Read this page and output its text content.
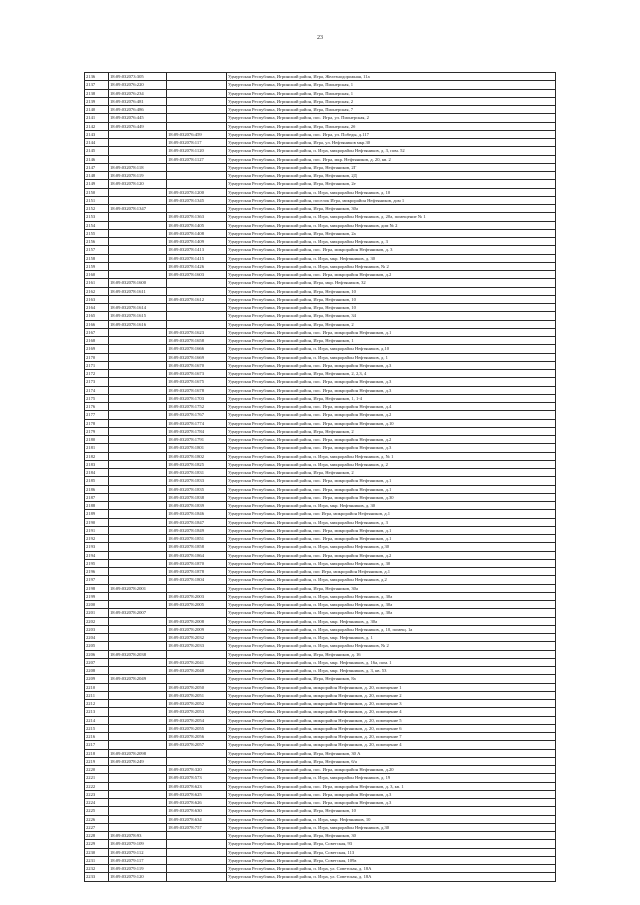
23
2136	18:09:032073:305		Удмуртская Республика, Игринский район, Игра, Железнодорожная, 11а
2137	18:09:032076:220		Удмуртская Республика, Игринский район, Игра, Пионерская, 1
2138	18:09:032076:234		Удмуртская Республика, Игринский район, Игра, Пионерская, 1
2139	18:09:032076:481		Удмуртская Республика, Игринский район, Игра, Пионерская, 2
2140	18:09:032076:486		Удмуртская Республика, Игринский район, Игра, Пионерская, 7
2141	18:09:032076:445		Удмуртская Республика, Игринский район, пос. Игра, ул. Пионерская, 2
2142	18:09:032076:449		Удмуртская Республика, Игринский район, Игра, Пионерская, 2б
2143		18:09:032076:459	Удмуртская Республика, Игринский район, пос. Игра, ул. Победы, д.117
2144		18:09:032078:117	Удмуртская Республика, Игринский район, Игра, ул. Нефтяников мкр.30
2145		18:09:032078:1120	Удмуртская Республика, Игринский район, п. Игра, микрорайон Нефтяников, д. 3, пом. 52
2146		18:09:032078:1127	Удмуртская Республика, Игринский район, пос. Игра, мкр. Нефтяников, д. 20, кв. 2
2147	18:09:032078:118		Удмуртская Республика, Игринский район, Игра, Нефтяников, 2Г
2148	18:09:032078:119		Удмуртская Республика, Игринский район, Игра, Нефтяников, 2Д
2149	18:09:032078:120		Удмуртская Республика, Игринский район, Игра, Нефтяников, 2е
2150		18:09:032078:1200	Удмуртская Республика, Игринский район, п. Игра, микрорайон Нефтяников, д. 10
2151		18:09:032078:1345	Удмуртская Республика, Игринский район, поселок Игра, микрорайон Нефтяников, дом 1
2152	18:09:032078:1347		Удмуртская Республика, Игринский район, Игра, Нефтяников, 30а
2153		18:09:032078:1363	Удмуртская Республика, Игринский район, п. Игра, микрорайон Нефтяников, д. 20а, помещение № 1
2154		18:09:032078:1405	Удмуртская Республика, Игринский район, п. Игра, микрорайон Нефтяников, дом № 2
2155		18:09:032078:1408	Удмуртская Республика, Игринский район, Игра, Нефтяников, 2а
2156		18:09:032078:1409	Удмуртская Республика, Игринский район, п. Игра, микрорайон Нефтяников, д. 3
2157		18:09:032078:1413	Удмуртская Республика, Игринский район, пос. Игра, микрорайон Нефтяников, д. 3
2158		18:09:032078:1415	Удмуртская Республика, Игринский район, п. Игра, мкр. Нефтяников, д. 30
2159		18:09:032078:1426	Удмуртская Республика, Игринский район, п. Игра, микрорайон Нефтяников, № 2
2160		18:09:032078:1603	Удмуртская Республика, Игринский район, пос. Игра, микрорайон Нефтяников, д.2
2161	18:09:032078:1600		Удмуртская Республика, Игринский район, Игра, мкр. Нефтяников, 32
2162	18:09:032078:1611		Удмуртская Республика, Игринский район, Игра, Нефтяников, 10
2163		18:09:032078:1612	Удмуртская Республика, Игринский район, Игра, Нефтяников, 10
2164	18:09:032078:1614		Удмуртская Республика, Игринский район, Игра, Нефтяников, 10
2165	18:09:032078:1615		Удмуртская Республика, Игринский район, Игра, Нефтяников, 34
2166	18:09:032078:1616		Удмуртская Республика, Игринский район, Игра, Нефтяников, 2
2167		18:09:032078:1623	Удмуртская Республика, Игринский район, пос. Игра, микрорайон Нефтяников, д.1
2168		18:09:032078:1658	Удмуртская Республика, Игринский район, Игра, Нефтяников, 1
2169		18:09:032078:1666	Удмуртская Республика, Игринский район, п. Игра, микрорайон Нефтяников, д.10
2170		18:09:032078:1669	Удмуртская Республика, Игринский район, п. Игра, микрорайон Нефтяников, д. 1
2171		18:09:032078:1670	Удмуртская Республика, Игринский район, пос. Игра, микрорайон Нефтяников, д.3
2172		18:09:032078:1673	Удмуртская Республика, Игринский район, Игра, Нефтяников, 2, 2,3, 4
2173		18:09:032078:1675	Удмуртская Республика, Игринский район, пос. Игра, микрорайон Нефтяников, д.3
2174		18:09:032078:1678	Удмуртская Республика, Игринский район, пос. Игра, микрорайон Нефтяников, д.3
2175		18:09:032078:1703	Удмуртская Республика, Игринский район, Игра, Нефтяников, 1, 1-4
2176		18:09:032078:1752	Удмуртская Республика, Игринский район, пос. Игра, микрорайон Нефтяников, д.4
2177		18:09:032078:1767	Удмуртская Республика, Игринский район, пос. Игра, микрорайон Нефтяников, д.2
2178		18:09:032078:1774	Удмуртская Республика, Игринский район, пос. Игра, микрорайон Нефтяников, д.10
2179		18:09:032078:1784	Удмуртская Республика, Игринский район, Игра, Нефтяников, 2
2180		18:09:032078:1791	Удмуртская Республика, Игринский район, пос. Игра, микрорайон Нефтяников, д.2
2181		18:09:032078:1801	Удмуртская Республика, Игринский район, пос. Игра, микрорайон Нефтяников, д.3
2182		18:09:032078:1802	Удмуртская Республика, Игринский район, п. Игра, микрорайон Нефтяников, д. № 1
2183		18:09:032078:1825	Удмуртская Республика, Игринский район, п. Игра, микрорайон Нефтяников, д. 2
2184		18:09:032078:1831	Удмуртская Республика, Игринский район, Игра, Нефтяников, 2
2185		18:09:032078:1833	Удмуртская Республика, Игринский район, пос. Игра, микрорайон Нефтяников, д.1
2186		18:09:032078:1835	Удмуртская Республика, Игринский район, пос. Игра, микрорайон Нефтяников, д.1
2187		18:09:032078:1838	Удмуртская Республика, Игринский район, пос. Игра, микрорайон Нефтяников, д.30
2188		18:09:032078:1839	Удмуртская Республика, Игринский район, п. Игра, мкр. Нефтяников, д. 30
2189		18:09:032078:1846	Удмуртская Республика, Игринский район, пос Игра, микрорайон Нефтяников, д.1
2190		18:09:032078:1847	Удмуртская Республика, Игринский район, п. Игра, микрорайон Нефтяников, д. 3
2191		18:09:032078:1849	Удмуртская Республика, Игринский район, пос. Игра, микрорайон Нефтяников, д.1
2192		18:09:032078:1851	Удмуртская Республика, Игринский район, пос. Игра, микрорайон Нефтяников, д.1
2193		18:09:032078:1858	Удмуртская Республика, Игринский район, п. Игра, микрорайон Нефтяников, д.30
2194		18:09:032078:1864	Удмуртская Республика, Игринский район, пос. Игра, микрорайон Нефтяников, д.2
2195		18:09:032078:1870	Удмуртская Республика, Игринский район, п. Игра, микрорайон Нефтяников, д. 30
2196		18:09:032078:1878	Удмуртская Республика, Игринский район, пос Игра, микрорайон Нефтяников, д.1
2197		18:09:032078:1804	Удмуртская Республика, Игринский район, п. Игра, микрорайон Нефтяников, д.2
2198	18:09:032078:2001		Удмуртская Республика, Игринский район, Игра, Нефтяников, 30а
2199		18:09:032078:2003	Удмуртская Республика, Игринский район, п. Игра, микрорайон Нефтяников, д. 30а
2200		18:09:032078:2005	Удмуртская Республика, Игринский район, п. Игра, микрорайон Нефтяников, д. 30а
2201	18:09:032078:2007		Удмуртская Республика, Игринский район, п. Игра, микрорайон Нефтяников, д. 30а
2202		18:09:032078:2008	Удмуртская Республика, Игринский район, п. Игра, мкр. Нефтяников, д. 30а
2203		18:09:032078:2009	Удмуртская Республика, Игринский район, п. Игра, микрорайон Нефтяников, д. 10, помещ. 1а
2204		18:09:032078:2032	Удмуртская Республика, Игринский район, п. Игра, мкр. Нефтяников, д. 1
2205		18:09:032078:2033	Удмуртская Республика, Игринский район, п. Игра, микрорайон Нефтяников, № 2
2206	18:09:032078:2038		Удмуртская Республика, Игринский район, Игра, Нефтяников, д. 16
2207		18:09:032078:2041	Удмуртская Республика, Игринский район, п. Игра, мкр. Нефтяников, д. 16а, пом. 1
2208		18:09:032078:2048	Удмуртская Республика, Игринский район, п. Игра, мкр. Нефтяников, д. 3, кв. 53
2209	18:09:032078:2049		Удмуртская Республика, Игринский район, Игра, Нефтяников, 8а
2210		18:09:032078:2050	Удмуртская Республика, Игринский район, микрорайон Нефтяников, д. 20, помещение 1
2211		18:09:032078:2051	Удмуртская Республика, Игринский район, микрорайон Нефтяников, д. 20, помещение 2
2212		18:09:032078:2052	Удмуртская Республика, Игринский район, микрорайон Нефтяников, д. 20, помещение 3
2213		18:09:032078:2053	Удмуртская Республика, Игринский район, микрорайон Нефтяников, д. 20, помещение 4
2214		18:09:032078:2054	Удмуртская Республика, Игринский район, микрорайон Нефтяников, д. 20, помещение 5
2215		18:09:032078:2055	Удмуртская Республика, Игринский район, микрорайон Нефтяников, д. 20, помещение 6
2216		18:09:032078:2056	Удмуртская Республика, Игринский район, микрорайон Нефтяников, д. 20, помещение 7
2217		18:09:032078:2057	Удмуртская Республика, Игринский район, микрорайон Нефтяников, д. 20, помещение 4
2218	18:09:032078:2098		Удмуртская Республика, Игринский район, Игра, Нефтяников, 30 А
2219	18:09:032078:249		Удмуртская Республика, Игринский район, Игра, Нефтяников, 6/а
2220		18:09:032078:320	Удмуртская Республика, Игринский район, пос. Игра, микрорайон Нефтяников, д.20
2221		18:09:032078:573	Удмуртская Республика, Игринский район, п. Игра, микрорайон Нефтяников, д. 19
2222		18:09:032078:623	Удмуртская Республика, Игринский район, пос. Игра, микрорайон Нефтяников, д. 3, кв. 1
2223		18:09:032078:625	Удмуртская Республика, Игринский район, пос. Игра, микрорайон Нефтяников, д.3
2224		18:09:032078:626	Удмуртская Республика, Игринский район, пос. Игра, микрорайон Нефтяников, д.3
2225		18:09:032078:630	Удмуртская Республика, Игринский район, Игра, Нефтяников, 10
2226		18:09:032078:634	Удмуртская Республика, Игринский район, п. Игра, мкр. Нефтяников, 10
2227		18:09:032078:757	Удмуртская Республика, Игринский район, п. Игра, микрорайон Нефтяников, д.30
2228	18:09:032078:93		Удмуртская Республика, Игринский район, Игра, Нефтяников, 30
2229	18:09:032079:109		Удмуртская Республика, Игринский район, Игра, Советская, 93
2230	18:09:032079:112		Удмуртская Республика, Игринский район, Игра, Советская, 113
2231	18:09:032079:117		Удмуртская Республика, Игринский район, Игра, Советская, 109а
2232	18:09:032079:119		Удмуртская Республика, Игринский район, п. Игра, ул. Советская, д. 18А
2233	18:09:032079:120		Удмуртская Республика, Игринский район, п. Игра, ул. Советская, д. 18А
